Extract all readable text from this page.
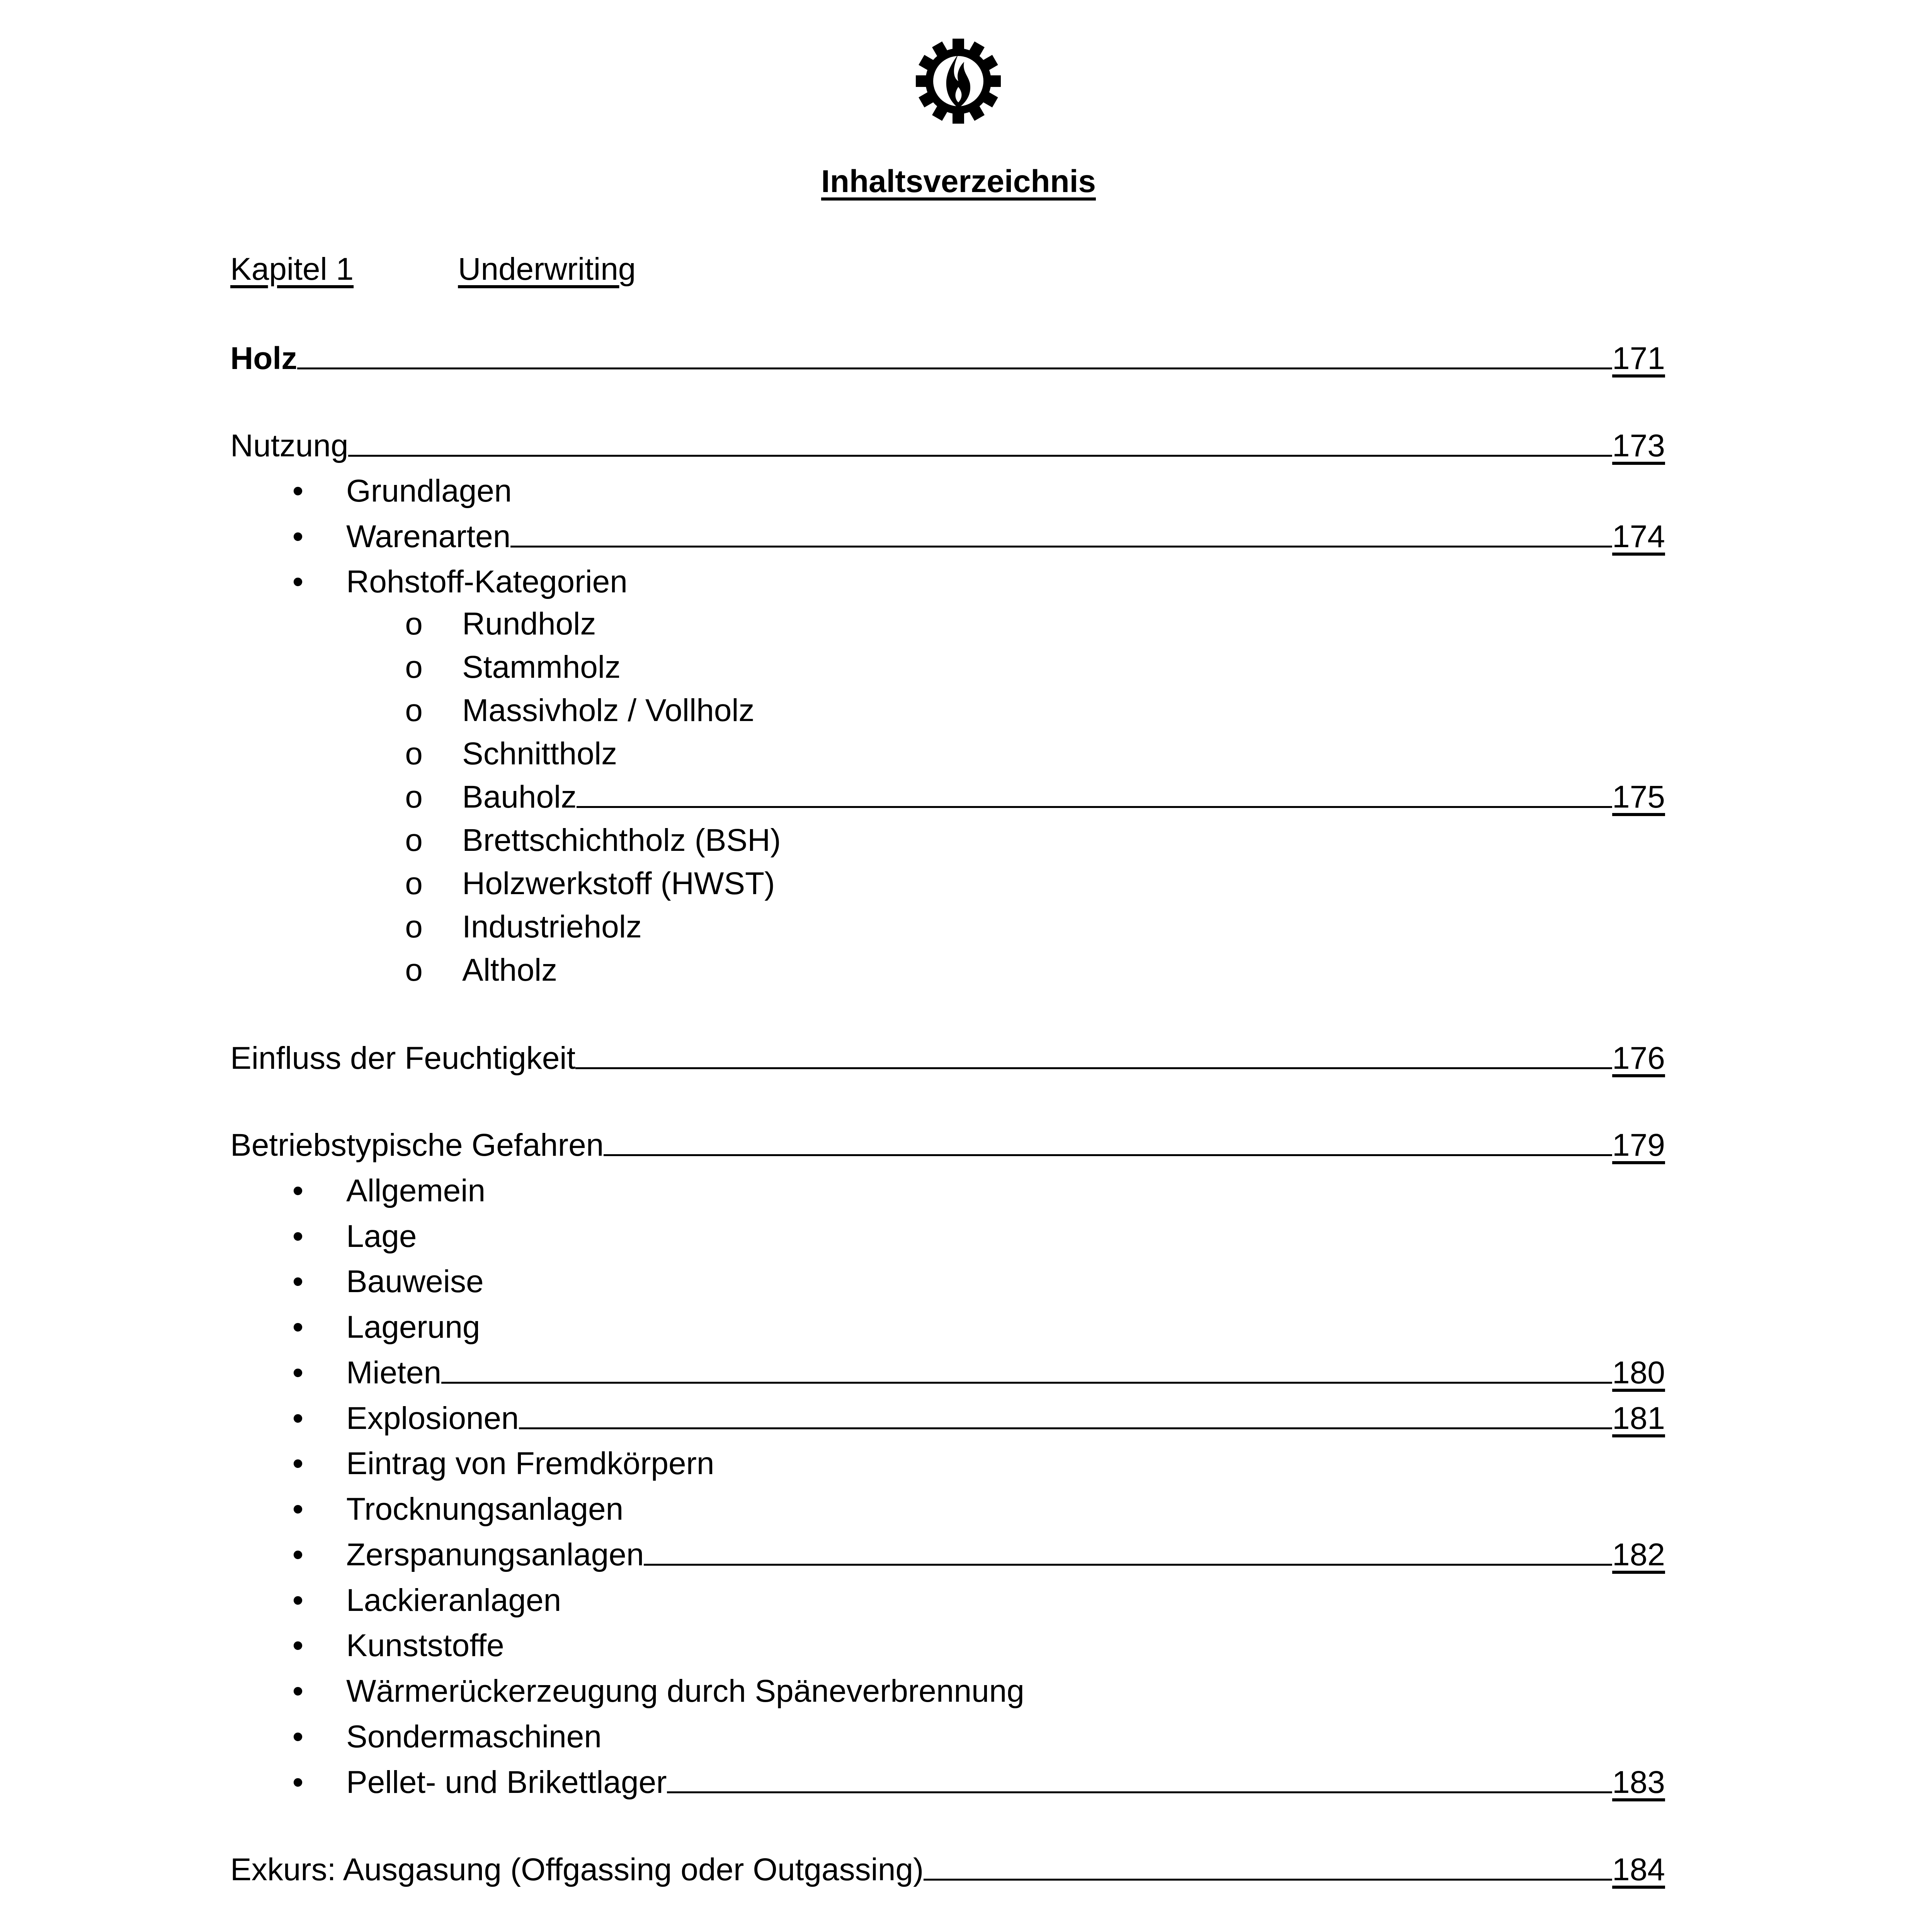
Inhaltsverzeichnis
Kapitel 1	Underwriting
Holz	171
Nutzung	173
•	Grundlagen
•	Warenarten	174
•	Rohstoff-Kategorien
o	Rundholz
o	Stammholz
o	Massivholz / Vollholz
o	Schnittholz
o	Bauholz	175
o	Brettschichtholz (BSH)
o	Holzwerkstoff (HWST)
o	Industrieholz
o	Altholz
Einfluss der Feuchtigkeit	176
Betriebstypische Gefahren	179
•	Allgemein
•	Lage
•	Bauweise
•	Lagerung
•	Mieten	180
•	Explosionen	181
•	Eintrag von Fremdkörpern
•	Trocknungsanlagen
•	Zerspanungsanlagen	182
•	Lackieranlagen
•	Kunststoffe
•	Wärmerückerzeugung durch Späneverbrennung
•	Sondermaschinen
•	Pellet- und Brikettlager	183
Exkurs: Ausgasung (Offgassing oder Outgassing)	184
